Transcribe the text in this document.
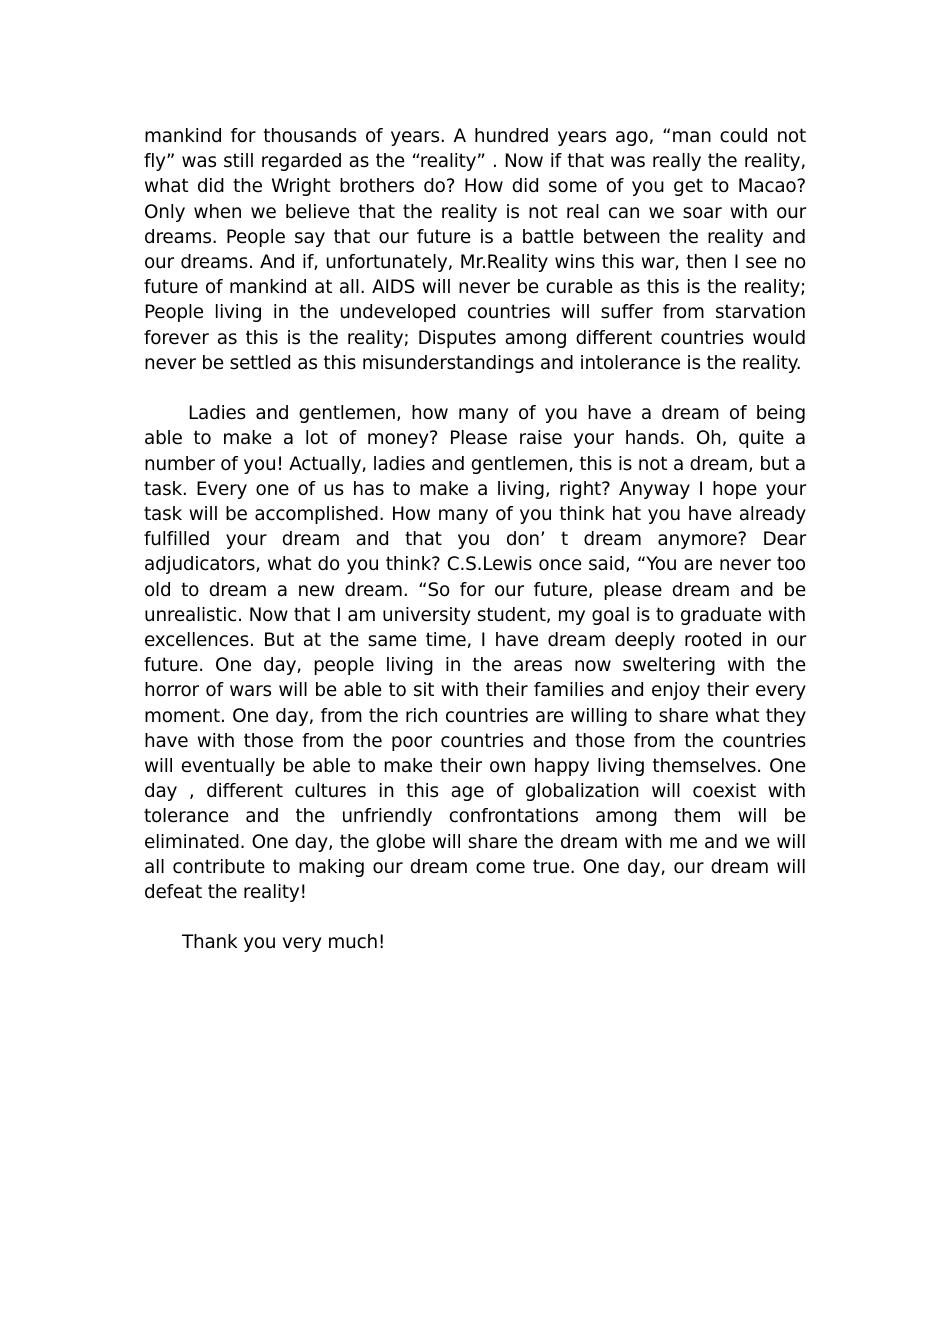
mankind for thousands of years. A hundred years ago, “man could not fly” was still regarded as the “reality” . Now if that was really the reality, what did the Wright brothers do? How did some of you get to Macao? Only when we believe that the reality is not real can we soar with our dreams. People say that our future is a battle between the reality and our dreams. And if, unfortunately, Mr.Reality wins this war, then I see no future of mankind at all. AIDS will never be curable as this is the reality; People living in the undeveloped countries will suffer from starvation forever as this is the reality; Disputes among different countries would never be settled as this misunderstandings and intolerance is the reality.

Ladies and gentlemen, how many of you have a dream of being able to make a lot of money? Please raise your hands. Oh, quite a number of you! Actually, ladies and gentlemen, this is not a dream, but a task. Every one of us has to make a living, right? Anyway I hope your task will be accomplished. How many of you think hat you have already fulfilled your dream and that you don’ t dream anymore? Dear adjudicators, what do you think? C.S.Lewis once said, “You are never too old to dream a new dream. “So for our future, please dream and be unrealistic. Now that I am university student, my goal is to graduate with excellences. But at the same time, I have dream deeply rooted in our future. One day, people living in the areas now sweltering with the horror of wars will be able to sit with their families and enjoy their every moment. One day, from the rich countries are willing to share what they have with those from the poor countries and those from the countries will eventually be able to make their own happy living themselves. One day , different cultures in this age of globalization will coexist with tolerance and the unfriendly confrontations among them will be eliminated. One day, the globe will share the dream with me and we will all contribute to making our dream come true. One day, our dream will defeat the reality!

Thank you very much!
